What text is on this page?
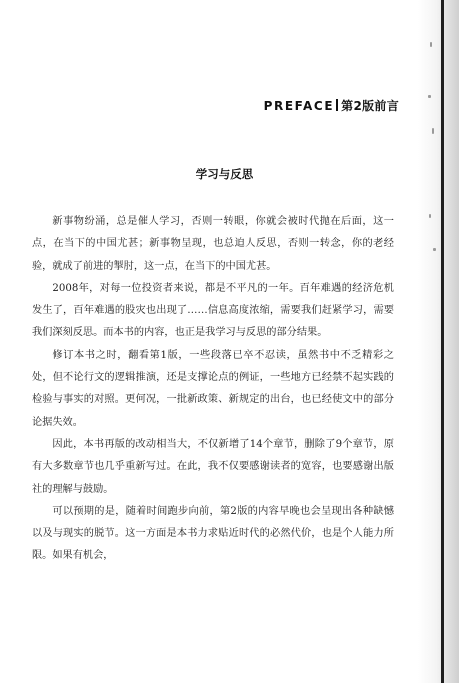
PREFACE 第2版前言
学习与反思

新事物纷涌，总是催人学习，否则一转眼，你就会被时代抛在后面，这一点，在当下的中国尤甚；新事物呈现，也总迫人反思，否则一转念，你的老经验，就成了前进的掣肘，这一点，在当下的中国尤甚。

2008年，对每一位投资者来说，都是不平凡的一年。百年难遇的经济危机发生了，百年难遇的股灾也出现了……信息高度浓缩，需要我们赶紧学习，需要我们深刻反思。而本书的内容，也正是我学习与反思的部分结果。

修订本书之时，翻看第1版，一些段落已卒不忍读，虽然书中不乏精彩之处，但不论行文的逻辑推演，还是支撑论点的例证，一些地方已经禁不起实践的检验与事实的对照。更何况，一批新政策、新规定的出台，也已经使文中的部分论据失效。

因此，本书再版的改动相当大，不仅新增了14个章节，删除了9个章节，原有大多数章节也几乎重新写过。在此，我不仅要感谢读者的宽容，也要感谢出版社的理解与鼓励。

可以预期的是，随着时间跑步向前，第2版的内容早晚也会呈现出各种缺憾以及与现实的脱节。这一方面是本书力求贴近时代的必然代价，也是个人能力所限。如果有机会，
